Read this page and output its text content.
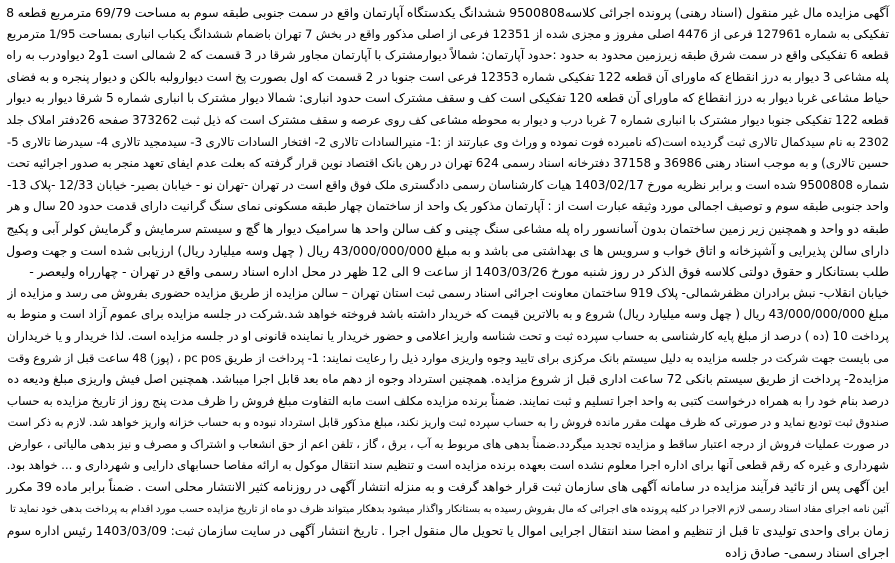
آگهی مزایده مال غیر منقول (اسناد رهنی) پرونده اجرائی کلاسه9500808 ششدانگ یکدستگاه آپارتمان واقع در سمت جنوبی طبقه سوم به مساحت 69/79 مترمربع قطعه 8
تفکیکی به شماره 127961 فرعی از 4476 اصلی مفروز و مجزی شده از 12351 فرعی از اصلی مذکور واقع در بخش 7 تهران باضمام ششدانگ یکباب انباری بمساحت 1/95 مترمربع
قطعه 6 تفکیکی واقع در سمت شرق طبقه زیرزمین محدود به حدود :حدود آپارتمان: شمالاً دیوارمشترک با آپارتمان مجاور شرقا در 3 قسمت که 2 شمالی است 1و2 دیواودرب به راه
پله مشاعی 3 دیوار به درز انقطاع که ماورای آن قطعه 122 تفکیکی شماره 12353 فرعی است جنوبا در 2 قسمت که اول بصورت پخ است دیوارولبه بالکن و دیوار پنجره و به فضای
حیاط مشاعی غربا دیوار به درز انقطاع که ماورای آن قطعه 120 تفکیکی است کف و سقف مشترک است حدود انباری: شمالا دیوار مشترک با انباری شماره 5 شرقا دیوار به دیوار
قطعه 122 تفکیکی جنوبا دیوار مشترک با انباری شماره 7 غربا درب و دیوار به محوطه مشاعی کف روی عرصه و سقف مشترک است که ذیل ثبت 373262 صفحه 26دفتر املاک جلد
2302 به نام سیدکمال تالاری ثبت گردیده است(که نامبرده فوت نموده و وراث وی عبارتند از :1- منیرالسادات تالاری 2- افتخار السادات تالاری 3- سیدمجید تالاری 4- سیدرضا تالاری 5-
حسین تالاری) و به موجب اسناد رهنی 36986 و 37158 دفترخانه اسناد رسمی 624 تهران در رهن بانک اقتصاد نوین قرار گرفته که بعلت عدم ایفای تعهد منجر به صدور اجرائیه تحت
شماره 9500808 شده است و برابر نظریه مورخ 1403/02/17 هیات کارشناسان رسمی دادگستری ملک فوق واقع است در تهران -تهران نو - خیابان بصیر- خیابان 12/33 -پلاک 13-
واحد جنوبی طبقه سوم و توصیف اجمالی مورد وثیقه عبارت است از : آپارتمان مذکور یک واحد از ساختمان چهار طبقه مسکونی نمای سنگ گرانیت دارای قدمت حدود 20 سال و هر
طبقه دو واحد و همچنین زیر زمین ساختمان بدون آسانسور راه پله مشاعی سنگ چینی و کف سالن واحد ها سرامیک دیوار ها گچ و سیستم سرمایش و گرمایش کولر آبی و پکیج
دارای سالن پذیرایی و آشپزخانه و اتاق خواب و سرویس ها ی بهداشتی می باشد و به مبلغ 43/000/000/000 ریال ( چهل وسه میلیارد ریال) ارزیابی شده است و جهت وصول
طلب بستانکار و حقوق دولتی کلاسه فوق الذکر در روز شنبه مورخ 1403/03/26 از ساعت 9 الی 12 ظهر در محل اداره اسناد رسمی واقع در تهران - چهارراه ولیعصر -
خیابان انقلاب- نبش برادران مظفرشمالی- پلاک 919 ساختمان معاونت اجرائی اسناد رسمی ثبت استان تهران – سالن مزایده از طریق مزایده حضوری بفروش می رسد و مزایده از
مبلغ 43/000/000/000 ریال ( چهل وسه میلیارد ریال) شروع و به بالاترین قیمت که خریدار داشته باشد فروخته خواهد شد.شرکت در جلسه مزایده برای عموم آزاد است و منوط به
پرداخت 10 (ده ) درصد از مبلغ پایه کارشناسی به حساب سپرده ثبت و تحت شناسه واریز اعلامی و حضور خریدار یا نماینده قانونی او در جلسه مزایده است. لذا خریدار و یا خریداران
می بایست جهت شرکت در جلسه مزایده به دلیل سیستم بانک مرکزی برای تایید وجوه واریزی موارد ذیل را رعایت نمایند: 1- پرداخت از طریق pc pos ، (پوز) 48 ساعت قبل از شروع وقت
مزایده2- پرداخت از طریق سیستم بانکی 72 ساعت اداری قبل از شروع مزایده. همچنین استرداد وجوه از دهم ماه بعد قابل اجرا میباشد. همچنین اصل فیش واریزی مبلغ ودیعه ده
درصد بنام خود را به همراه درخواست کتبی به واحد اجرا تسلیم و ثبت نمایند. ضمناً برنده مزایده مکلف است مابه التفاوت مبلغ فروش را ظرف مدت پنج روز از تاریخ مزایده به حساب
صندوق ثبت تودیع نماید و در صورتی که ظرف مهلت مقرر مانده فروش را به حساب سپرده ثبت واریز نکند، مبلغ مذکور قابل استرداد نبوده و به حساب خزانه واریز خواهد شد. لازم به ذکر است
در صورت عملیات فروش از درجه اعتبار ساقط و مزایده تجدید میگردد.ضمناً بدهی های مربوط به آب ، برق ، گاز ، تلفن اعم از حق انشعاب و اشتراک و مصرف و نیز بدهی مالیاتی ، عوارض
شهرداری و غیره که رقم قطعی آنها برای اداره اجرا معلوم نشده است بعهده برنده مزایده است و تنظیم سند انتقال موکول به ارائه مفاصا حسابهای دارایی و شهرداری و ... خواهد بود.
این آگهی پس از تائید فرآیند مزایده در سامانه آگهی های سازمان ثبت قرار خواهد گرفت و به منزله انتشار آگهی در روزنامه کثیر الانتشار محلی است . ضمناً برابر ماده 39 مکرر
آئین نامه اجرای مفاد اسناد رسمی لازم الاجرا در کلیه پرونده های اجرائی که مال بفروش رسیده به بستانکار واگذار میشود بدهکار میتواند ظرف دو ماه از تاریخ مزایده حسب مورد اقدام به پرداخت بدهی خود نماید تا
زمان برای واحدی تولیدی تا قبل از تنظیم و امضا سند انتقال اجرایی اموال یا تحویل مال منقول اجرا . تاریخ انتشار آگهی در سایت سازمان ثبت: 1403/03/09 رئیس اداره سوم
اجرای اسناد رسمی- صادق زاده
